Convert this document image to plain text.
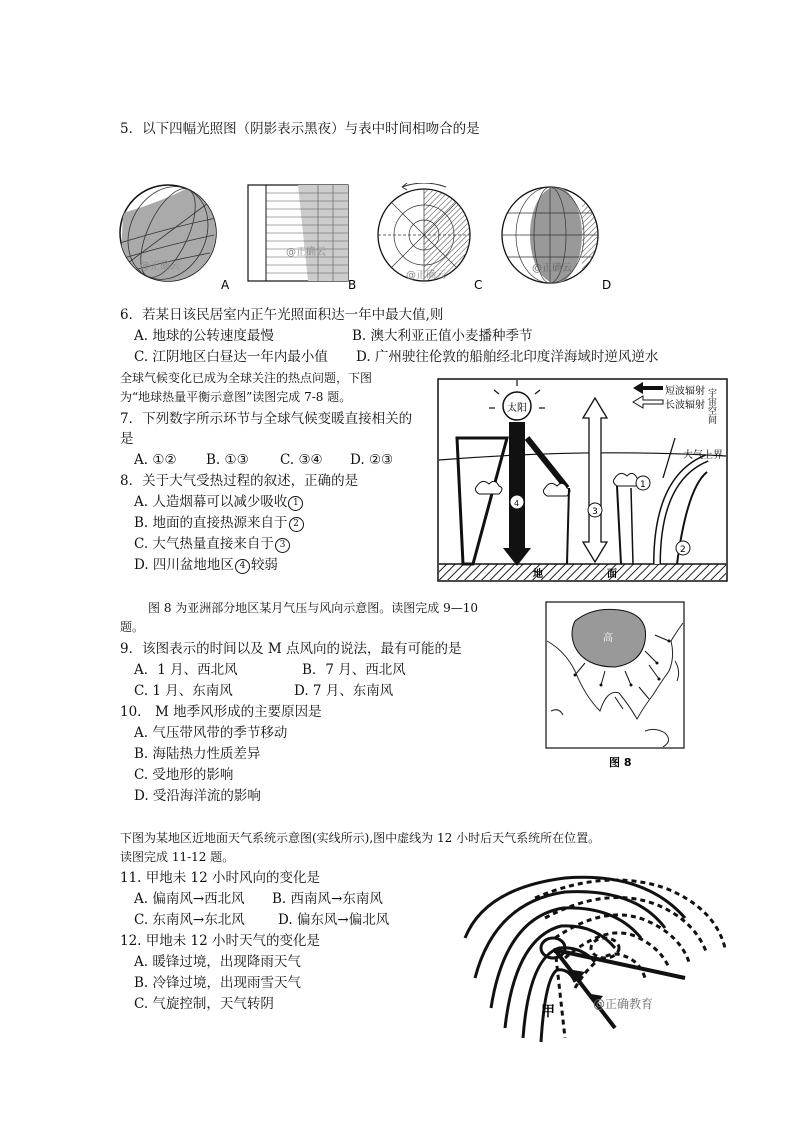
5．以下四幅光照图（阴影表示黑夜）与表中时间相吻合的是
A
@正确云
B
@正确云
C
@正确云
D
@正确云
6．若某日该民居室内正午光照面积达一年中最大值,则
A. 地球的公转速度最慢	B. 澳大利亚正值小麦播种季节
C. 江阴地区白昼达一年内最小值 D. 广州驶往伦敦的船舶经北印度洋海域时逆风逆水
全球气候变化已成为全球关注的热点问题，下图
为“地球热量平衡示意图”读图完成 7-8 题。
7．下列数字所示环节与全球气候变暖直接相关的
是
A. ①② B. ①③ C. ③④ D. ②③
8．关于大气受热过程的叙述，正确的是
A. 人造烟幕可以减少吸收 1
B. 地面的直接热源来自于 2
C. 大气热量直接来自于 3
D. 四川盆地地区 4 较弱
太阳
4
3
1
2
短波辐射
长波辐射 宇宙空间
大气上界
地	面
图 8 为亚洲部分地区某月气压与风向示意图。读图完成 9—10
题。
9．该图表示的时间以及 M 点风向的说法，最有可能的是
A．1 月、西北风	B．7 月、西北风
C. 1 月、东南风	D. 7 月、东南风
10． M 地季风形成的主要原因是
A. 气压带风带的季节移动
B. 海陆热力性质差异
C. 受地形的影响
D. 受沿海洋流的影响
高
图 8
下图为某地区近地面天气系统示意图(实线所示),图中虚线为 12 小时后天气系统所在位置。
读图完成 11-12 题。
11. 甲地未 12 小时风向的变化是
A. 偏南风→西北风 B. 西南风→东南风
C. 东南风→东北风 D. 偏东风→偏北风
12. 甲地未 12 小时天气的变化是
A. 暖锋过境，出现降雨天气
B. 冷锋过境，出现雨雪天气
C. 气旋控制，天气转阴	甲	@正确教育
